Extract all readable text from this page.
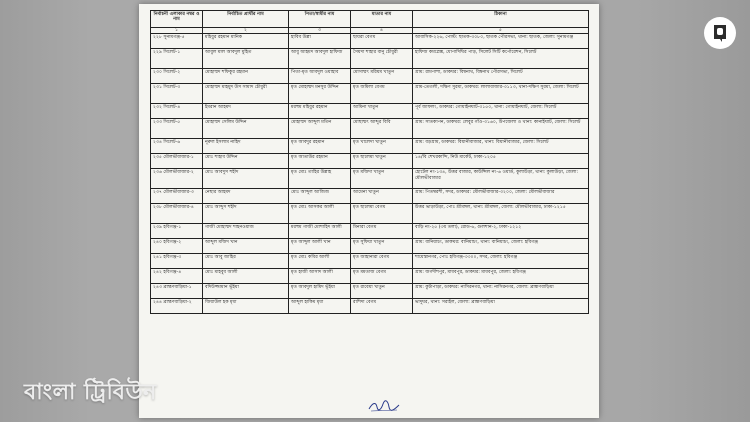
নির্বাচনী এলাকার নম্বর ও নাম	নির্বাচিত প্রার্থীর নাম	পিতা/স্বামীর নাম	মাতার নাম	ঠিকানা
১	২	৩	৪	৫
২২৮ সুনামগঞ্জ-৫	মহিবুর রহমান মানিক	হাবিব উল্লা	ছায়রা বেগম	আবাসিক-২২৬, পোস্ট: ছাতক-৩০৮০, ছাতক পৌরসভা, থানা: ছাতক, জেলা: সুনামগঞ্জ
২২৯ সিলেট-১	আবুল মাল আবদুল মুহিত	আবু আহমদ আবদুল হাফিজ	সৈয়দা শাহার বানু চৌধুরী	হাফিজ কমপ্লেক্স, ধোপাদিঘির পাড়, সিলেট সিটি কর্পোরেশন, সিলেট
২৩০ সিলেট-২	মোহাম্মদ শফিকুর রহমান	পিতা-মৃত আবদুল ওয়াহাব	মোসাম্মৎ মরিয়ম খাতুন	গ্রাম: রামপাশা, ডাকঘর: বিশ্বনাথ, বিশ্বনাথ পৌরসভা, সিলেট
২৩১ সিলেট-৩	মোহাম্মদ মাহমুদ উস সামাদ চৌধুরী	মৃত মোহাম্মদ মনসুর উদ্দিন	মৃত জমিলা বেগম	গ্রাম-তেতলী, দক্ষিণ সুরমা, ডাকঘর: লালাবাজার-৩১১৩, থানা-দক্ষিণ সুরমা, জেলা: সিলেট
২৩২ সিলেট-৪	ইমরান আহমদ	মরহুম মহিবুর রহমান	আমিনা খাতুন	পূর্ব জাফলং, ডাকঘর: গোয়াইনঘাট-৩১৫০, থানা: গোয়াইনঘাট, জেলা: সিলেট
২৩৩ সিলেট-৫	মোহাম্মদ সেলিম উদ্দিন	মোহাম্মদ আব্দুল মতিন	মোছাম্মৎ আব্দুর বিবি	গ্রাম: সাতকাপন, ডাকঘর: লেবুর গাঁও-৩১৬০, উপজেলা ও থানা: কানাইঘাট, জেলা: সিলেট
২৩৪ সিলেট-৬	নূরুল ইসলাম নাহিদ	মৃত আবদুর রহমান	মৃত খালেদা খাতুন	গ্রাম: বড়গ্রাম, ডাকঘর: বিয়ানীবাজার, থানা: বিয়ানীবাজার, জেলা: সিলেট
২৩৫ মৌলভীবাজার-১	মোঃ শাহাব উদ্দিন	মৃত আতাউর রহমান	মৃত ছালেমা খাতুন	১৪/বি শেখরকান্দি, নিউ মার্কেট, ঢাকা-১২০৫
২৩৬ মৌলভীবাজার-২	মোঃ আবদুস শহীদ	মৃত মোঃ তাহির উল্লাহ	মৃত মজিদা খাতুন	হোটেল নং-১৩৪, উত্তর বাজার, কাউন্সিল নং-৬ ওয়ার্ড, কুলাউড়া, থানা: কুলাউড়া, জেলা: মৌলভীবাজার
২৩৭ মৌলভীবাজার-৩	নেছার আহমদ	মোঃ আব্দুল আজিজ	আমেনা খাতুন	গ্রাম: পিতম্বরশী, সদর, ডাকঘর: মৌলভীবাজার-৩২০০, জেলা: মৌলভীবাজার
২৩৮ মৌলভীবাজার-৪	মোঃ আব্দুস শহীদ	মৃত মোঃ আসকর আলী	মৃত ছালেমা বেগম	উত্তর ভাড়াউড়া, পোঃ শ্রীমঙ্গল, থানা: শ্রীমঙ্গল, জেলা: মৌলভীবাজার, ঢাকা-১২১৫
২৩৯ হবিগঞ্জ-১	গাজী মোহাম্মদ শাহনওয়াজ	মরহুম গাজী মোশাহিদ আলী	মিনারা বেগম	বাড়ি নং-২৫ (৩য় তলা), রোড-৬, গুলশান-২, ঢাকা-১২১২
২৪০ হবিগঞ্জ-২	আব্দুল মজিদ খান	মৃত আব্দুল আলী খান	মৃত সুফিয়া খাতুন	গ্রাম: বানিয়াচং, ডাকঘর: বানিয়াচং, থানা: বানিয়াচং, জেলা: হবিগঞ্জ
২৪১ হবিগঞ্জ-৩	মোঃ আবু জাহির	মৃত মোঃ কবির আলী	মৃত জাহানারা বেগম	শায়েস্তানগর, পোঃ হবিগঞ্জ-৩৩০০, সদর, জেলা: হবিগঞ্জ
২৪২ হবিগঞ্জ-৪	মোঃ মাহবুব আলী	মৃত হাজী আসাদ আলী	মৃত মমতাজ বেগম	গ্রাম: জগদীশপুর, মাধবপুর, ডাকঘর: মাধবপুর, জেলা: হবিগঞ্জ
২৪৩ ব্রাহ্মণবাড়িয়া-১	বদিউজ্জামান ভূঁইয়া	মৃত আবদুল হামিদ ভূঁইয়া	মৃত রাবেয়া খাতুন	গ্রাম: কুটাপাড়া, ডাকঘর: নাসিরনগর, থানা: নাসিরনগর, জেলা: ব্রাহ্মণবাড়িয়া
২৪৪ ব্রাহ্মণবাড়িয়া-২	জিয়াউল হক মৃধা	আব্দুল হাকিম মৃধা	রাশিদা বেগম	ভাদুঘর, থানা: সরাইল, জেলা: ব্রাহ্মণবাড়িয়া
বাংলা ট্রিবিউন
